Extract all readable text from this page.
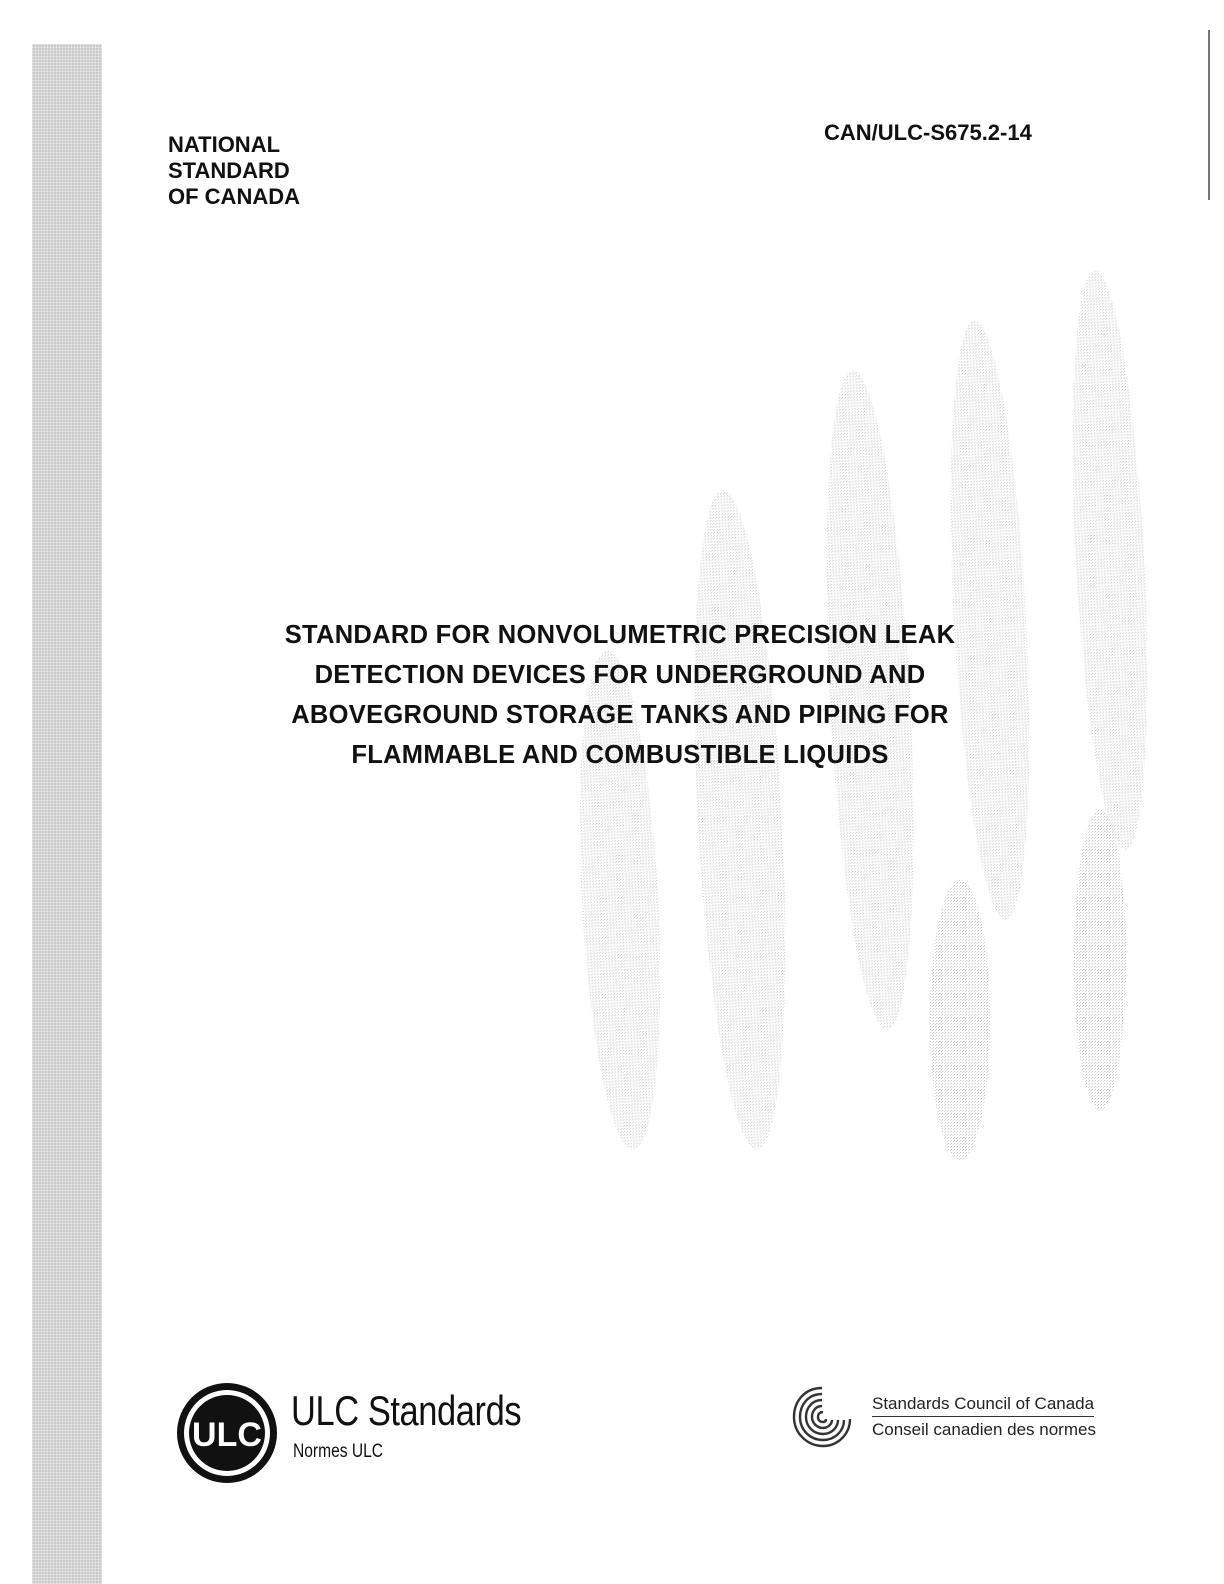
NATIONAL
STANDARD
OF CANADA
CAN/ULC-S675.2-14
STANDARD FOR NONVOLUMETRIC PRECISION LEAK
DETECTION DEVICES FOR UNDERGROUND AND
ABOVEGROUND STORAGE TANKS AND PIPING FOR
FLAMMABLE AND COMBUSTIBLE LIQUIDS
ULC
ULC Standards
Normes ULC
Standards Council of Canada
Conseil canadien des normes
